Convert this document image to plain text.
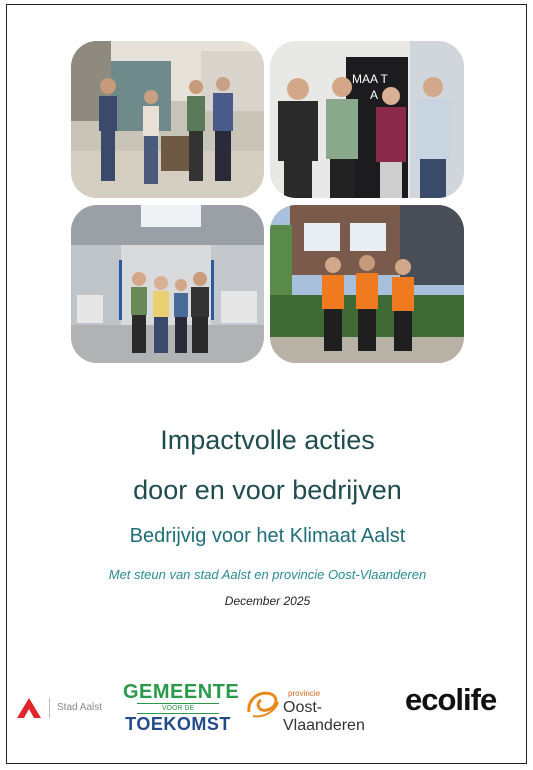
MAA T
A
Impactvolle acties
door en voor bedrijven
Bedrijvig voor het Klimaat Aalst
Met steun van stad Aalst en provincie Oost-Vlaanderen
December 2025
Stad Aalst
GEMEENTE
VOOR DE
TOEKOMST
provincie
Oost-Vlaanderen
ecolife
